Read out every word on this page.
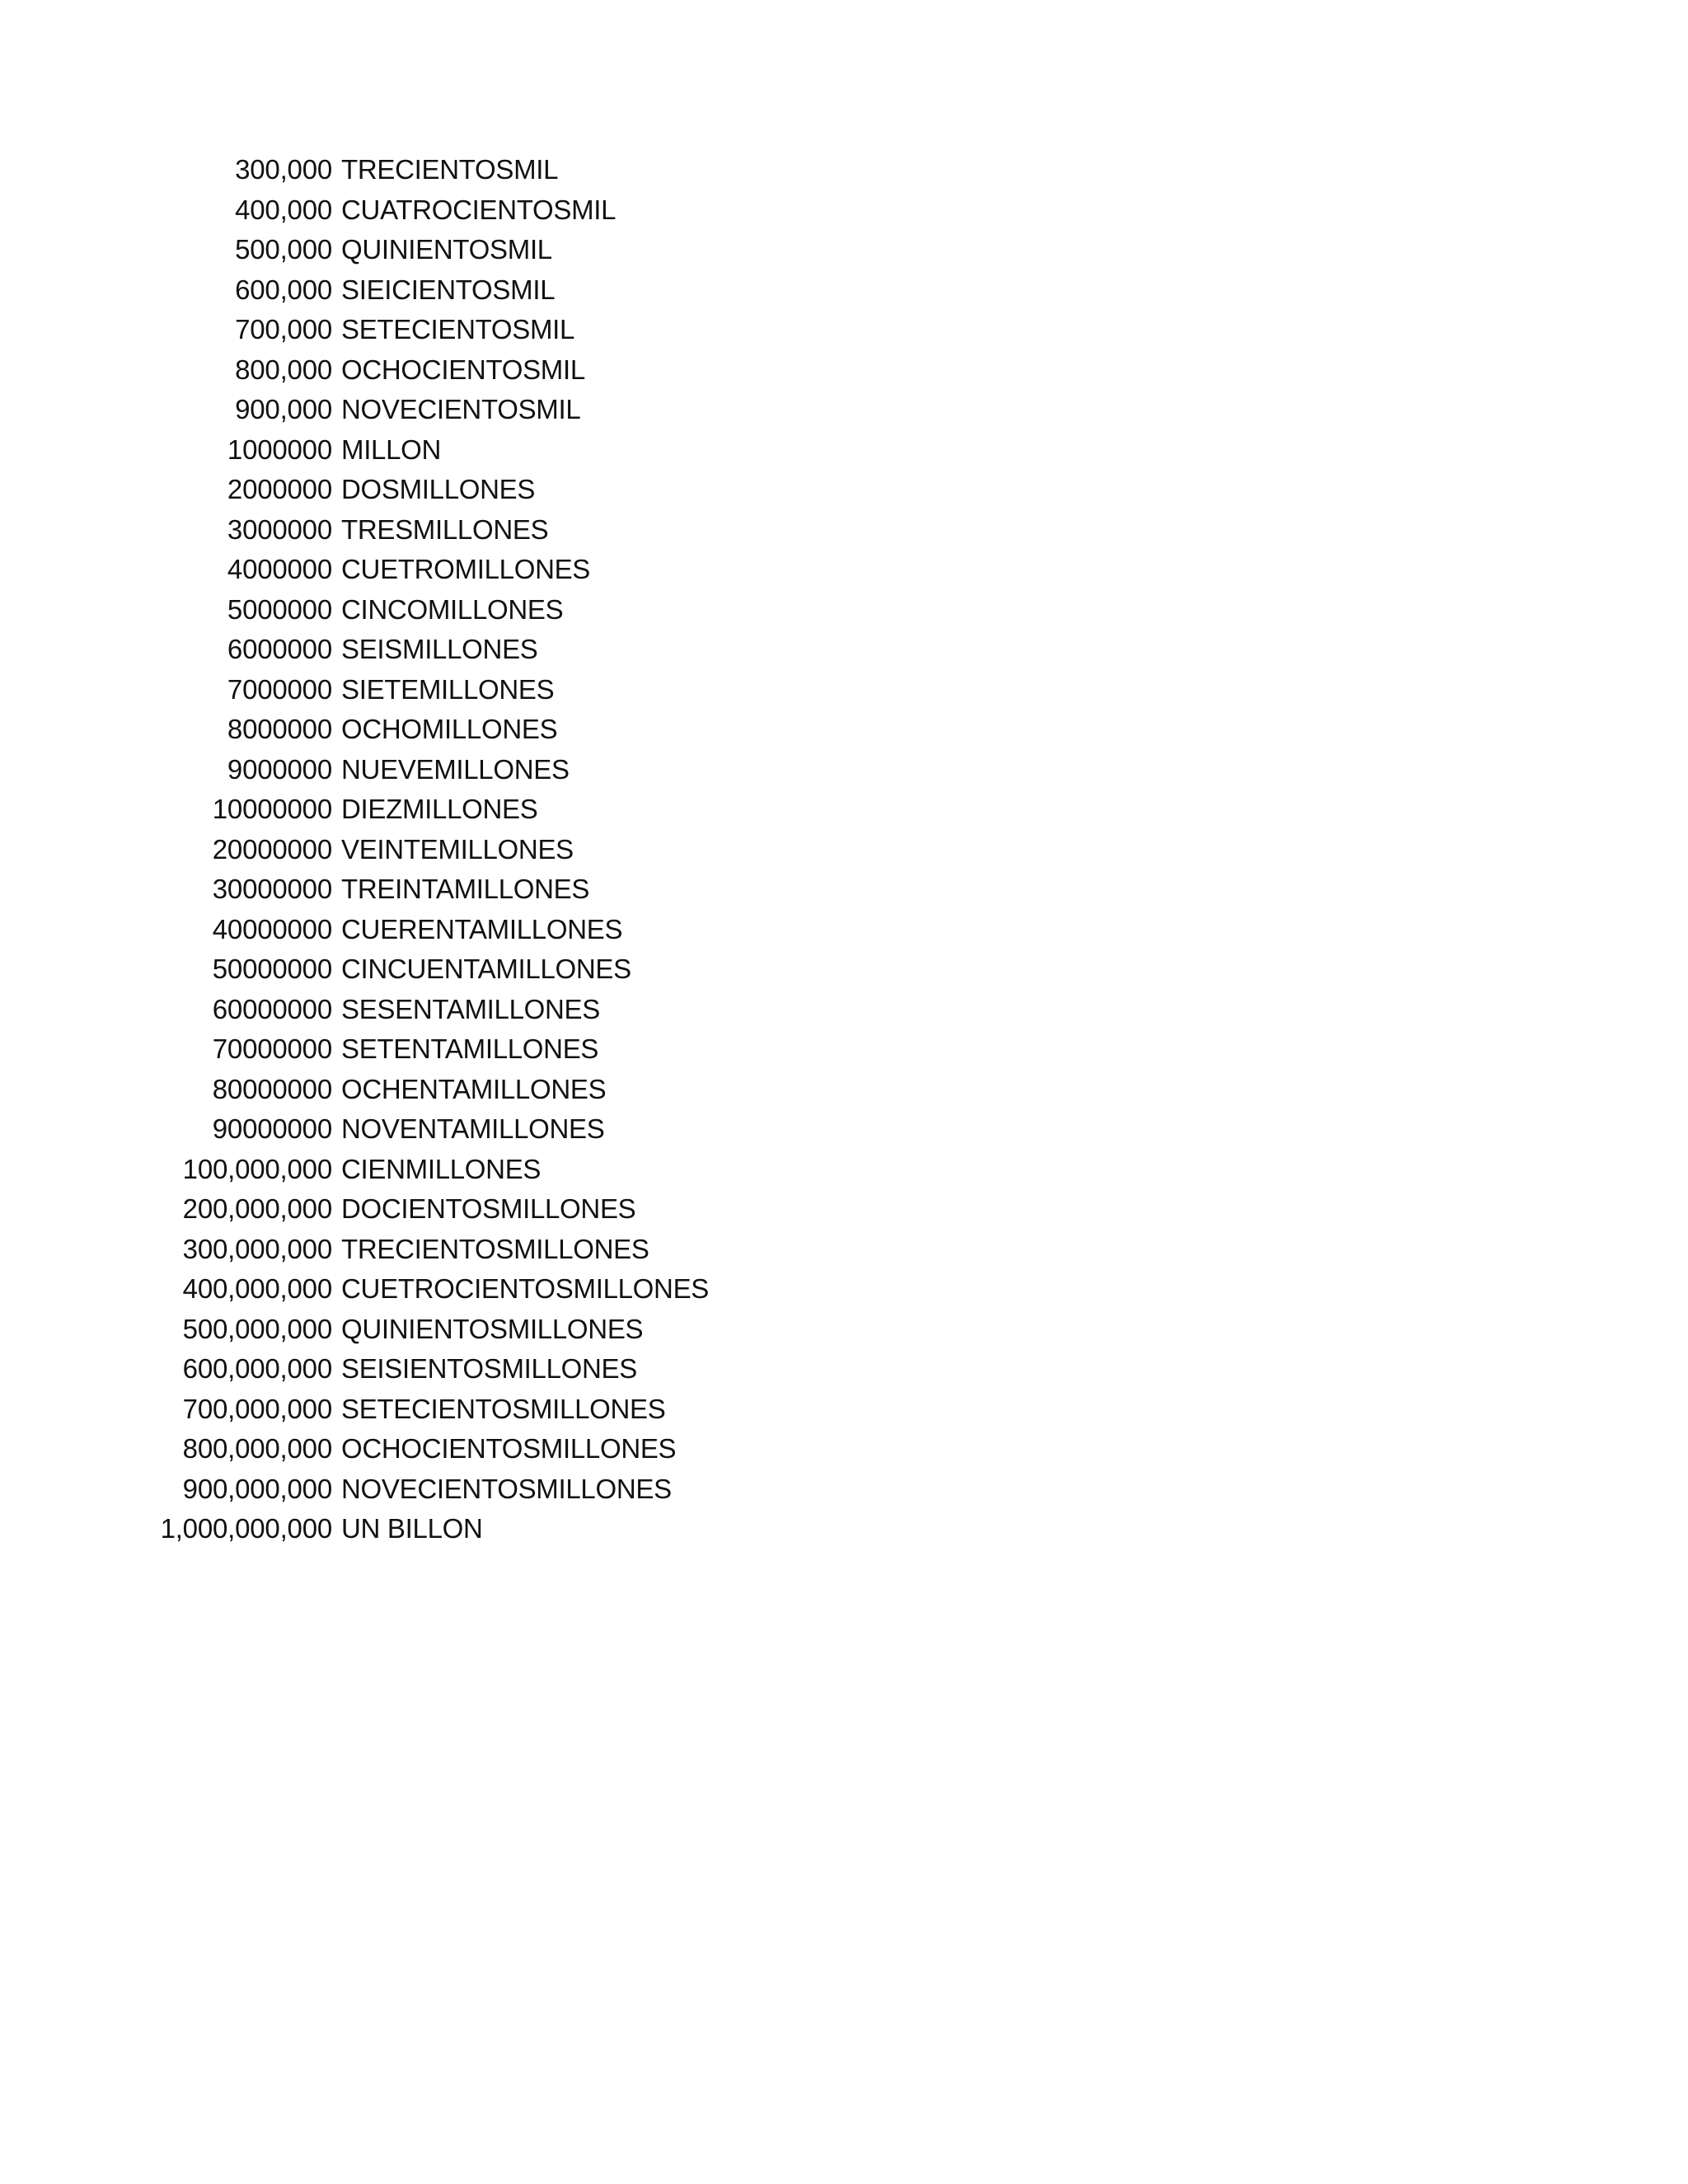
300,000 TRECIENTOSMIL
400,000 CUATROCIENTOSMIL
500,000 QUINIENTOSMIL
600,000 SIEICIENTOSMIL
700,000 SETECIENTOSMIL
800,000 OCHOCIENTOSMIL
900,000 NOVECIENTOSMIL
1000000 MILLON
2000000 DOSMILLONES
3000000 TRESMILLONES
4000000 CUETROMILLONES
5000000 CINCOMILLONES
6000000 SEISMILLONES
7000000 SIETEMILLONES
8000000 OCHOMILLONES
9000000 NUEVEMILLONES
10000000 DIEZMILLONES
20000000 VEINTEMILLONES
30000000 TREINTAMILLONES
40000000 CUERENTAMILLONES
50000000 CINCUENTAMILLONES
60000000 SESENTAMILLONES
70000000 SETENTAMILLONES
80000000 OCHENTAMILLONES
90000000 NOVENTAMILLONES
100,000,000 CIENMILLONES
200,000,000 DOCIENTOSMILLONES
300,000,000 TRECIENTOSMILLONES
400,000,000 CUETROCIENTOSMILLONES
500,000,000 QUINIENTOSMILLONES
600,000,000 SEISIENTOSMILLONES
700,000,000 SETECIENTOSMILLONES
800,000,000 OCHOCIENTOSMILLONES
900,000,000 NOVECIENTOSMILLONES
1,000,000,000 UN BILLON
